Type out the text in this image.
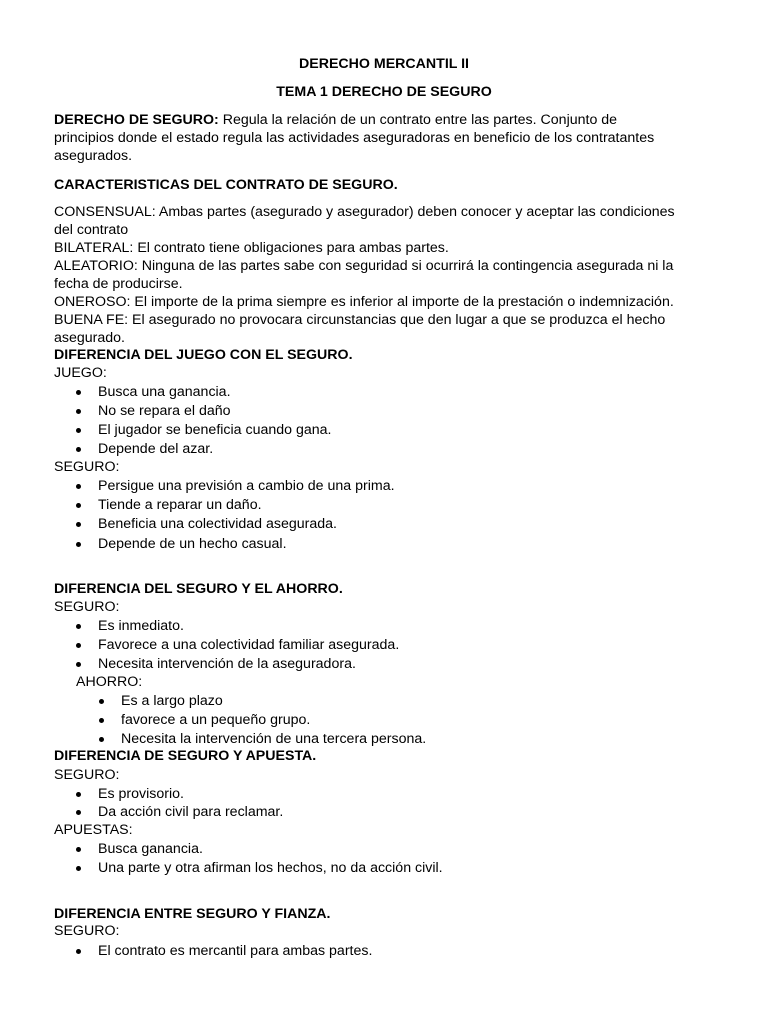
DERECHO MERCANTIL II
TEMA 1 DERECHO DE SEGURO
DERECHO DE SEGURO: Regula la relación de un contrato entre las partes. Conjunto de
principios donde el estado regula las actividades aseguradoras en beneficio de los contratantes
asegurados.
CARACTERISTICAS DEL CONTRATO DE SEGURO.
CONSENSUAL: Ambas partes (asegurado y asegurador) deben conocer y aceptar las condiciones
del contrato
BILATERAL: El contrato tiene obligaciones para ambas partes.
ALEATORIO: Ninguna de las partes sabe con seguridad si ocurrirá la contingencia asegurada ni la
fecha de producirse.
ONEROSO: El importe de la prima siempre es inferior al importe de la prestación o indemnización.
BUENA FE: El asegurado no provocara circunstancias que den lugar a que se produzca el hecho
asegurado.
DIFERENCIA DEL JUEGO CON EL SEGURO.
JUEGO:
Busca una ganancia.
No se repara el daño
El jugador se beneficia cuando gana.
Depende del azar.
SEGURO:
Persigue una previsión a cambio de una prima.
Tiende a reparar un daño.
Beneficia una colectividad asegurada.
Depende de un hecho casual.
DIFERENCIA DEL SEGURO Y EL AHORRO.
SEGURO:
Es inmediato.
Favorece a una colectividad familiar asegurada.
Necesita intervención de la aseguradora.
AHORRO:
Es a largo plazo
favorece a un pequeño grupo.
Necesita la intervención de una tercera persona.
DIFERENCIA DE SEGURO Y APUESTA.
SEGURO:
Es provisorio.
Da acción civil para reclamar.
APUESTAS:
Busca ganancia.
Una parte y otra afirman los hechos, no da acción civil.
DIFERENCIA ENTRE SEGURO Y FIANZA.
SEGURO:
El contrato es mercantil para ambas partes.
